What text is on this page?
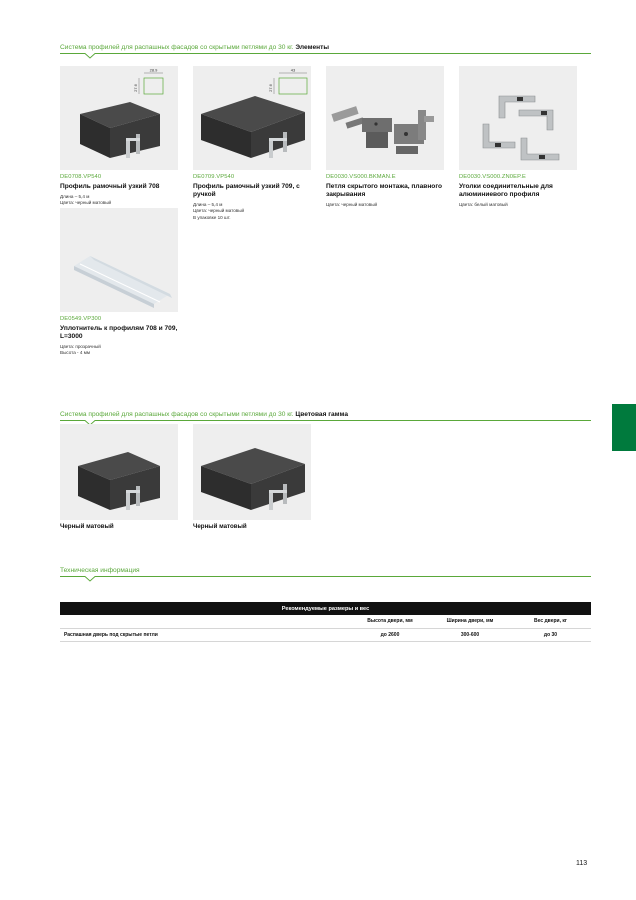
Система профилей для распашных фасадов со скрытыми петлями до 30 кг. Элементы
28.9
27.6
DE0708.VP540
Профиль рамочный узкий 708
Длина – 5,4 м
Цвета: черный матовый
43
27.6
DE0709.VP540
Профиль рамочный узкий 709, с ручкой
Длина – 5,4 м
Цвета: черный матовый
В упаковке 10 шт.
DE0030.VS000.BKMAN.E
Петля скрытого монтажа, плавного закрывания
Цвета: черный матовый
DE0030.VS000.ZN0EP.E
Уголки соединительные для алюминиевого профиля
Цвета: белый матовый
DE0549.VP300
Уплотнитель к профилям 708 и 709, L=3000
Цвета: прозрачный
Высота - 4 мм
Система профилей для распашных фасадов со скрытыми петлями до 30 кг. Цветовая гамма
Черный матовый	Черный матовый
Техническая информация
Рекомендуемые размеры и вес			
	Высота двери, мм	Ширина двери, мм	Вес двери, кг
Распашная дверь под скрытые петли	до 2600	300-600	до 30
113
